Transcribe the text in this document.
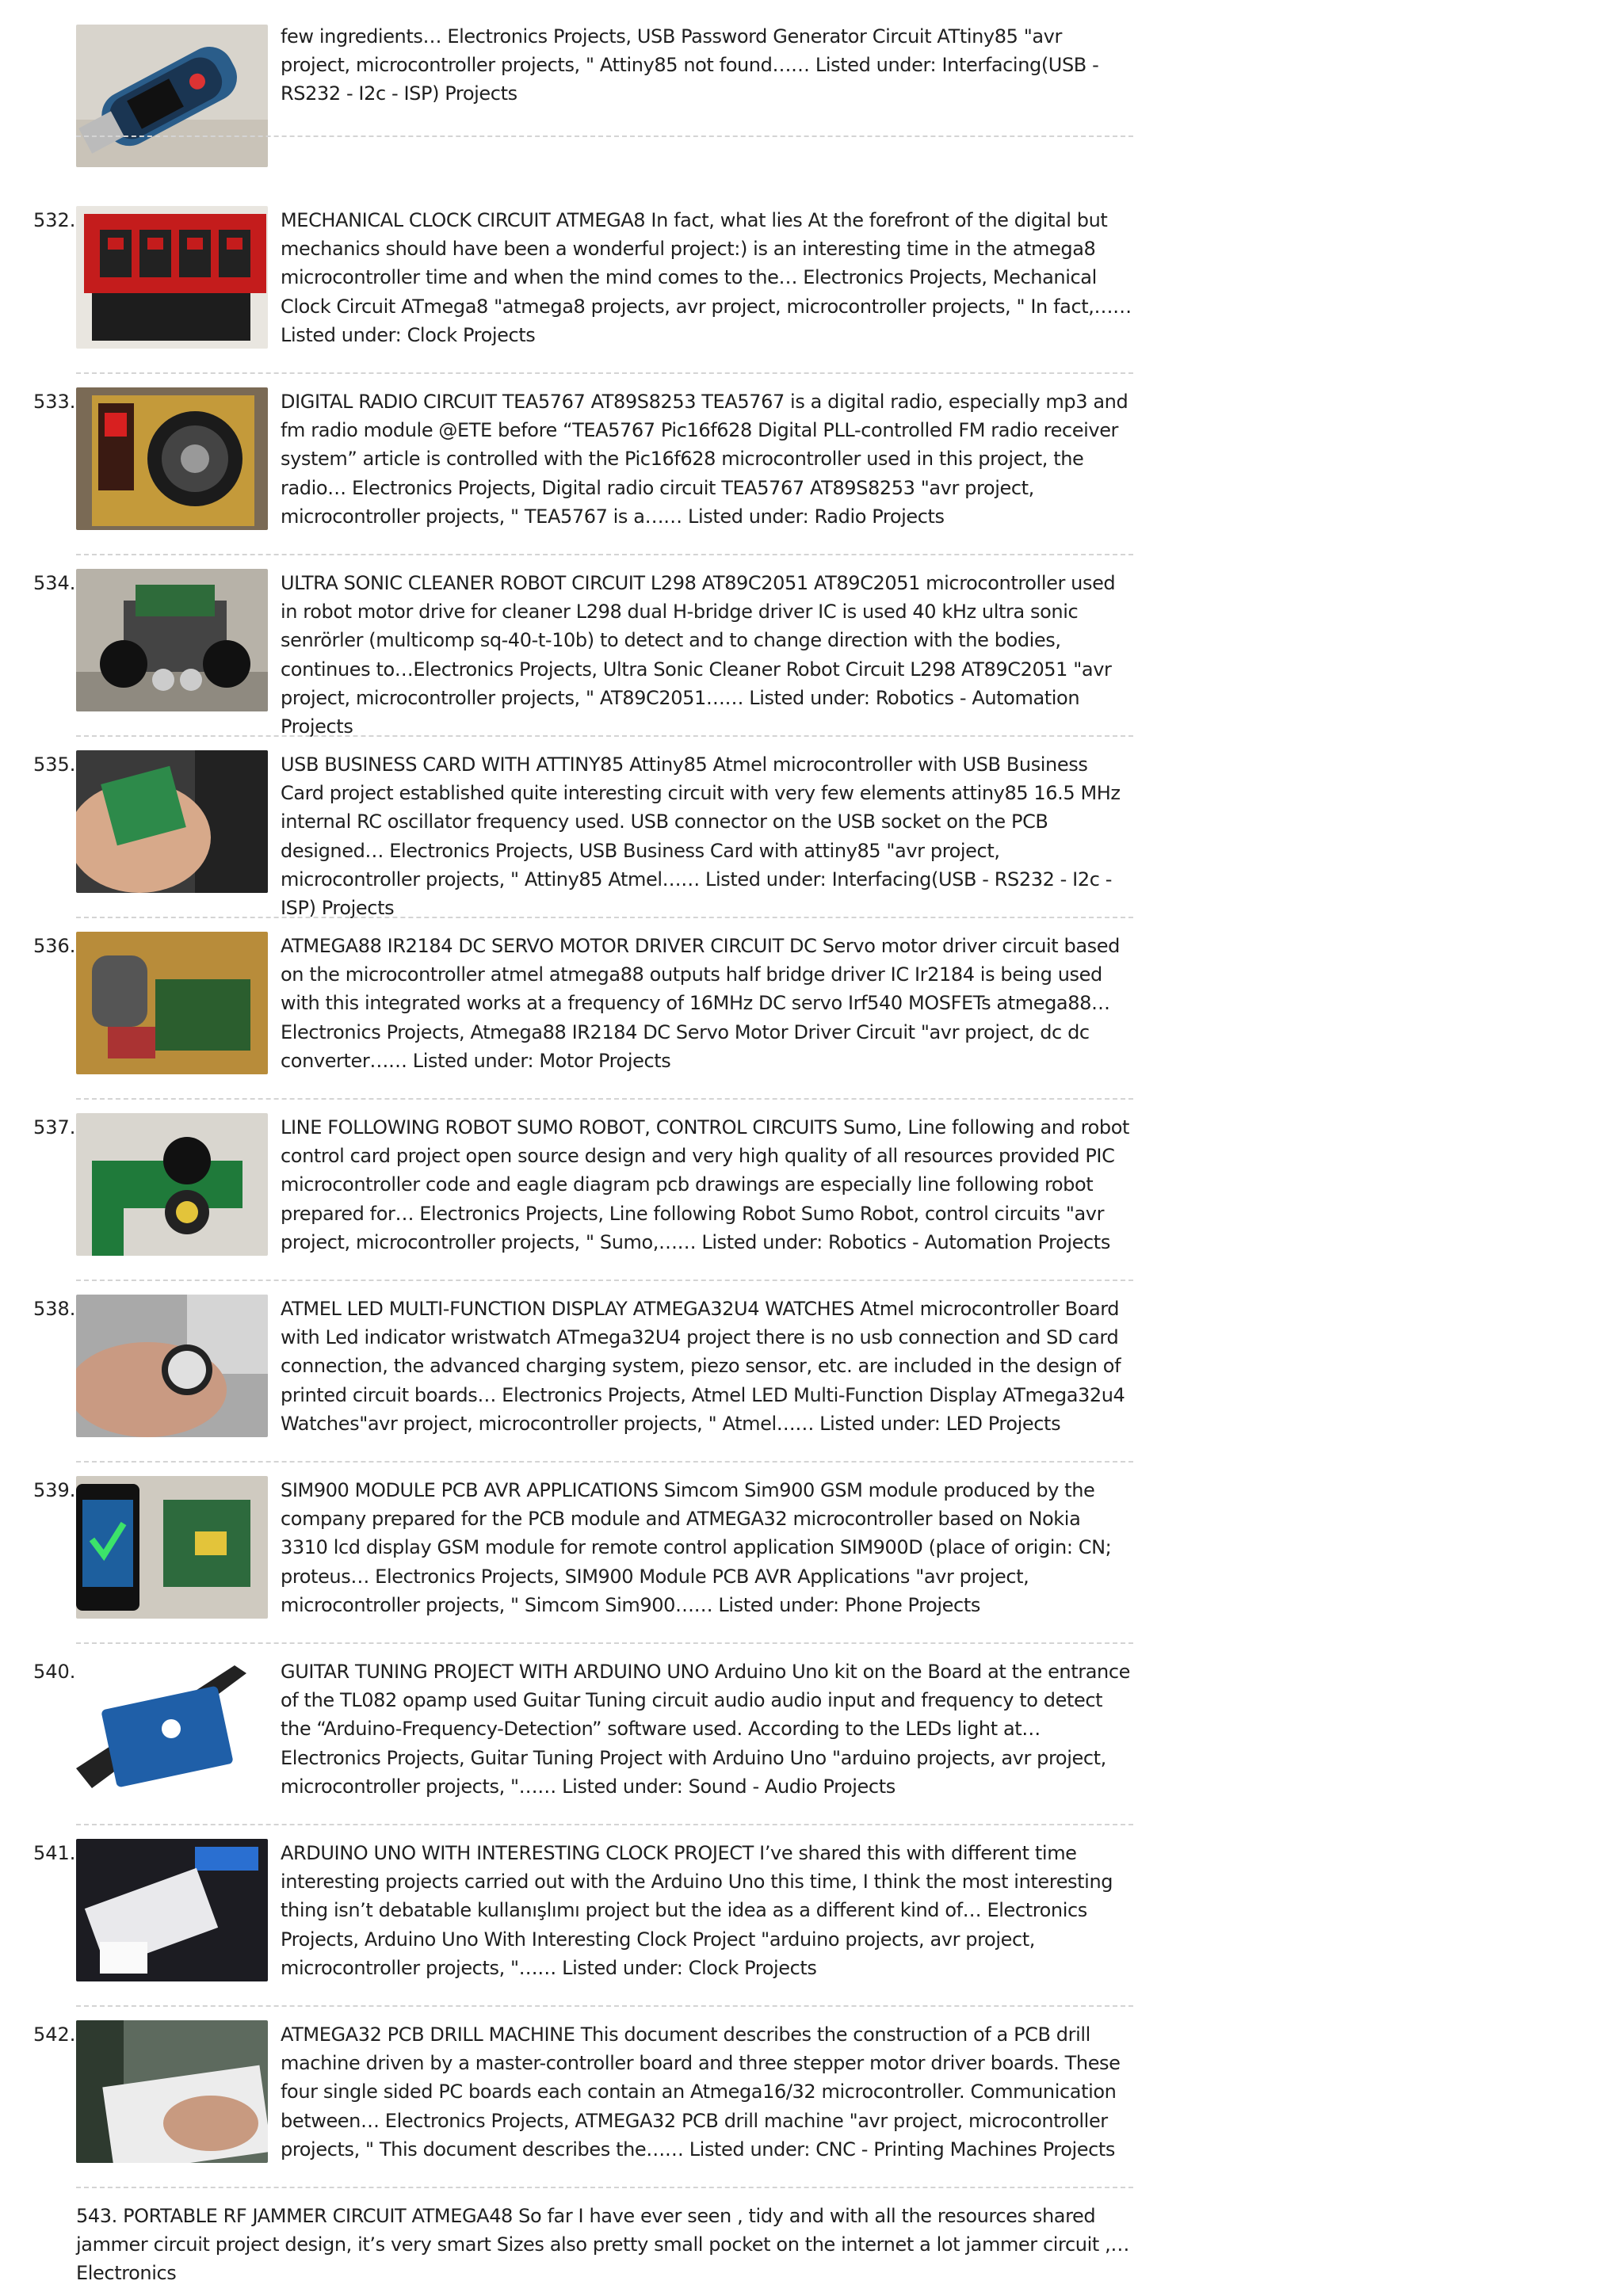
few ingredients… Electronics Projects, USB Password Generator Circuit ATtiny85 "avr project, microcontroller projects, " Attiny85 not found…… Listed under: Interfacing(USB - RS232 - I2c - ISP) Projects
532.	MECHANICAL CLOCK CIRCUIT ATMEGA8 In fact, what lies At the forefront of the digital but mechanics should have been a wonderful project:) is an interesting time in the atmega8 microcontroller time and when the mind comes to the… Electronics Projects, Mechanical Clock Circuit ATmega8 "atmega8 projects, avr project, microcontroller projects, " In fact,…… Listed under: Clock Projects
533.	DIGITAL RADIO CIRCUIT TEA5767 AT89S8253 TEA5767 is a digital radio, especially mp3 and fm radio module @ETE before “TEA5767 Pic16f628 Digital PLL-controlled FM radio receiver system” article is controlled with the Pic16f628 microcontroller used in this project, the radio… Electronics Projects, Digital radio circuit TEA5767 AT89S8253 "avr project, microcontroller projects, " TEA5767 is a…… Listed under: Radio Projects
534.	ULTRA SONIC CLEANER ROBOT CIRCUIT L298 AT89C2051 AT89C2051 microcontroller used in robot motor drive for cleaner L298 dual H-bridge driver IC is used 40 kHz ultra sonic senrörler (multicomp sq-40-t-10b) to detect and to change direction with the bodies, continues to…Electronics Projects, Ultra Sonic Cleaner Robot Circuit L298 AT89C2051 "avr project, microcontroller projects, " AT89C2051…… Listed under: Robotics - Automation Projects
535.	USB BUSINESS CARD WITH ATTINY85 Attiny85 Atmel microcontroller with USB Business Card project established quite interesting circuit with very few elements attiny85 16.5 MHz internal RC oscillator frequency used. USB connector on the USB socket on the PCB designed… Electronics Projects, USB Business Card with attiny85 "avr project, microcontroller projects, " Attiny85 Atmel…… Listed under: Interfacing(USB - RS232 - I2c -ISP) Projects
536.	ATMEGA88 IR2184 DC SERVO MOTOR DRIVER CIRCUIT DC Servo motor driver circuit based on the microcontroller atmel atmega88 outputs half bridge driver IC Ir2184 is being used with this integrated works at a frequency of 16MHz DC servo Irf540 MOSFETs atmega88… Electronics Projects, Atmega88 IR2184 DC Servo Motor Driver Circuit "avr project, dc dc converter…… Listed under: Motor Projects
537.	LINE FOLLOWING ROBOT SUMO ROBOT, CONTROL CIRCUITS Sumo, Line following and robot control card project open source design and very high quality of all resources provided PIC microcontroller code and eagle diagram pcb drawings are especially line following robot prepared for… Electronics Projects, Line following Robot Sumo Robot, control circuits "avr project, microcontroller projects, " Sumo,…… Listed under: Robotics - Automation Projects
538.	ATMEL LED MULTI-FUNCTION DISPLAY ATMEGA32U4 WATCHES Atmel microcontroller Board with Led indicator wristwatch ATmega32U4 project there is no usb connection and SD card connection, the advanced charging system, piezo sensor, etc. are included in the design of printed circuit boards… Electronics Projects, Atmel LED Multi-Function Display ATmega32u4 Watches"avr project, microcontroller projects, " Atmel…… Listed under: LED Projects
539.	SIM900 MODULE PCB AVR APPLICATIONS Simcom Sim900 GSM module produced by the company prepared for the PCB module and ATMEGA32 microcontroller based on Nokia 3310 lcd display GSM module for remote control application SIM900D (place of origin: CN; proteus… Electronics Projects, SIM900 Module PCB AVR Applications "avr project, microcontroller projects, " Simcom Sim900…… Listed under: Phone Projects
540.	GUITAR TUNING PROJECT WITH ARDUINO UNO Arduino Uno kit on the Board at the entrance of the TL082 opamp used Guitar Tuning circuit audio audio input and frequency to detect the “Arduino-Frequency-Detection” software used. According to the LEDs light at… Electronics Projects, Guitar Tuning Project with Arduino Uno "arduino projects, avr project, microcontroller projects, "…… Listed under: Sound - Audio Projects
541.	ARDUINO UNO WITH INTERESTING CLOCK PROJECT I’ve shared this with different time interesting projects carried out with the Arduino Uno this time, I think the most interesting thing isn’t debatable kullanışlımı project but the idea as a different kind of… Electronics Projects, Arduino Uno With Interesting Clock Project "arduino projects, avr project, microcontroller projects, "…… Listed under: Clock Projects
542.	ATMEGA32 PCB DRILL MACHINE This document describes the construction of a PCB drill machine driven by a master-controller board and three stepper motor driver boards. These four single sided PC boards each contain an Atmega16/32 microcontroller. Communication between… Electronics Projects, ATMEGA32 PCB drill machine "avr project, microcontroller projects, " This document describes the…… Listed under: CNC - Printing Machines Projects
543. PORTABLE RF JAMMER CIRCUIT ATMEGA48 So far I have ever seen , tidy and with all the resources shared jammer circuit project design, it’s very smart Sizes also pretty small pocket on the internet a lot jammer circuit ,… Electronics
